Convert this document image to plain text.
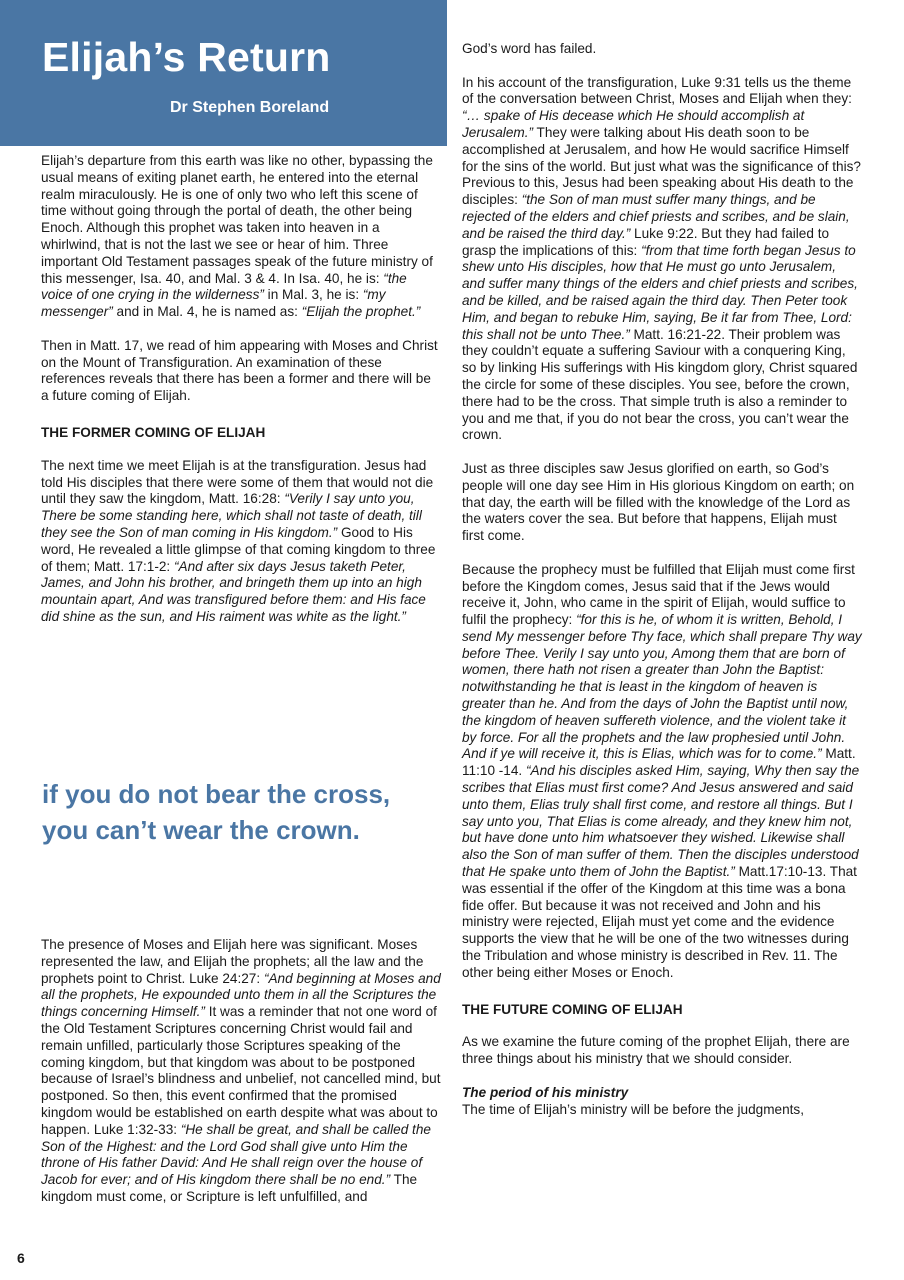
Elijah’s Return
Dr Stephen Boreland

Elijah’s departure from this earth was like no other, bypassing the usual means of exiting planet earth, he entered into the eternal realm miraculously. He is one of only two who left this scene of time without going through the portal of death, the other being Enoch. Although this prophet was taken into heaven in a whirlwind, that is not the last we see or hear of him. Three important Old Testament passages speak of the future ministry of this messenger, Isa. 40, and Mal. 3 & 4. In Isa. 40, he is: “the voice of one crying in the wilderness” in Mal. 3, he is: “my messenger” and in Mal. 4, he is named as: “Elijah the prophet.”

Then in Matt. 17, we read of him appearing with Moses and Christ on the Mount of Transfiguration. An examination of these references reveals that there has been a former and there will be a future coming of Elijah.

THE FORMER COMING OF ELIJAH

The next time we meet Elijah is at the transfiguration. Jesus had told His disciples that there were some of them that would not die until they saw the kingdom, Matt. 16:28: “Verily I say unto you, There be some standing here, which shall not taste of death, till they see the Son of man coming in His kingdom.” Good to His word, He revealed a little glimpse of that coming kingdom to three of them; Matt. 17:1-2: “And after six days Jesus taketh Peter, James, and John his brother, and bringeth them up into an high mountain apart, And was transfigured before them: and His face did shine as the sun, and His raiment was white as the light.”

if you do not bear the cross, you can’t wear the crown.

The presence of Moses and Elijah here was significant. Moses represented the law, and Elijah the prophets; all the law and the prophets point to Christ. Luke 24:27: “And beginning at Moses and all the prophets, He expounded unto them in all the Scriptures the things concerning Himself.” It was a reminder that not one word of the Old Testament Scriptures concerning Christ would fail and remain unfilled, particularly those Scriptures speaking of the coming kingdom, but that kingdom was about to be postponed because of Israel’s blindness and unbelief, not cancelled mind, but postponed. So then, this event confirmed that the promised kingdom would be established on earth despite what was about to happen. Luke 1:32-33: “He shall be great, and shall be called the Son of the Highest: and the Lord God shall give unto Him the throne of His father David: And He shall reign over the house of Jacob for ever; and of His kingdom there shall be no end.” The kingdom must come, or Scripture is left unfulfilled, and

God’s word has failed.

In his account of the transfiguration, Luke 9:31 tells us the theme of the conversation between Christ, Moses and Elijah when they: “… spake of His decease which He should accomplish at Jerusalem.” They were talking about His death soon to be accomplished at Jerusalem, and how He would sacrifice Himself for the sins of the world. But just what was the significance of this? Previous to this, Jesus had been speaking about His death to the disciples: “the Son of man must suffer many things, and be rejected of the elders and chief priests and scribes, and be slain, and be raised the third day.” Luke 9:22. But they had failed to grasp the implications of this: “from that time forth began Jesus to shew unto His disciples, how that He must go unto Jerusalem, and suffer many things of the elders and chief priests and scribes, and be killed, and be raised again the third day. Then Peter took Him, and began to rebuke Him, saying, Be it far from Thee, Lord: this shall not be unto Thee.” Matt. 16:21-22. Their problem was they couldn’t equate a suffering Saviour with a conquering King, so by linking His sufferings with His kingdom glory, Christ squared the circle for some of these disciples. You see, before the crown, there had to be the cross. That simple truth is also a reminder to you and me that, if you do not bear the cross, you can’t wear the crown.

Just as three disciples saw Jesus glorified on earth, so God’s people will one day see Him in His glorious Kingdom on earth; on that day, the earth will be filled with the knowledge of the Lord as the waters cover the sea. But before that happens, Elijah must first come.

Because the prophecy must be fulfilled that Elijah must come first before the Kingdom comes, Jesus said that if the Jews would receive it, John, who came in the spirit of Elijah, would suffice to fulfil the prophecy: “for this is he, of whom it is written, Behold, I send My messenger before Thy face, which shall prepare Thy way before Thee. Verily I say unto you, Among them that are born of women, there hath not risen a greater than John the Baptist: notwithstanding he that is least in the kingdom of heaven is greater than he. And from the days of John the Baptist until now, the kingdom of heaven suffereth violence, and the violent take it by force. For all the prophets and the law prophesied until John. And if ye will receive it, this is Elias, which was for to come.” Matt. 11:10 -14. “And his disciples asked Him, saying, Why then say the scribes that Elias must first come? And Jesus answered and said unto them, Elias truly shall first come, and restore all things. But I say unto you, That Elias is come already, and they knew him not, but have done unto him whatsoever they wished. Likewise shall also the Son of man suffer of them. Then the disciples understood that He spake unto them of John the Baptist.” Matt.17:10-13. That was essential if the offer of the Kingdom at this time was a bona fide offer. But because it was not received and John and his ministry were rejected, Elijah must yet come and the evidence supports the view that he will be one of the two witnesses during the Tribulation and whose ministry is described in Rev. 11. The other being either Moses or Enoch.

THE FUTURE COMING OF ELIJAH

As we examine the future coming of the prophet Elijah, there are three things about his ministry that we should consider.

The period of his ministry

The time of Elijah’s ministry will be before the judgments,

6
